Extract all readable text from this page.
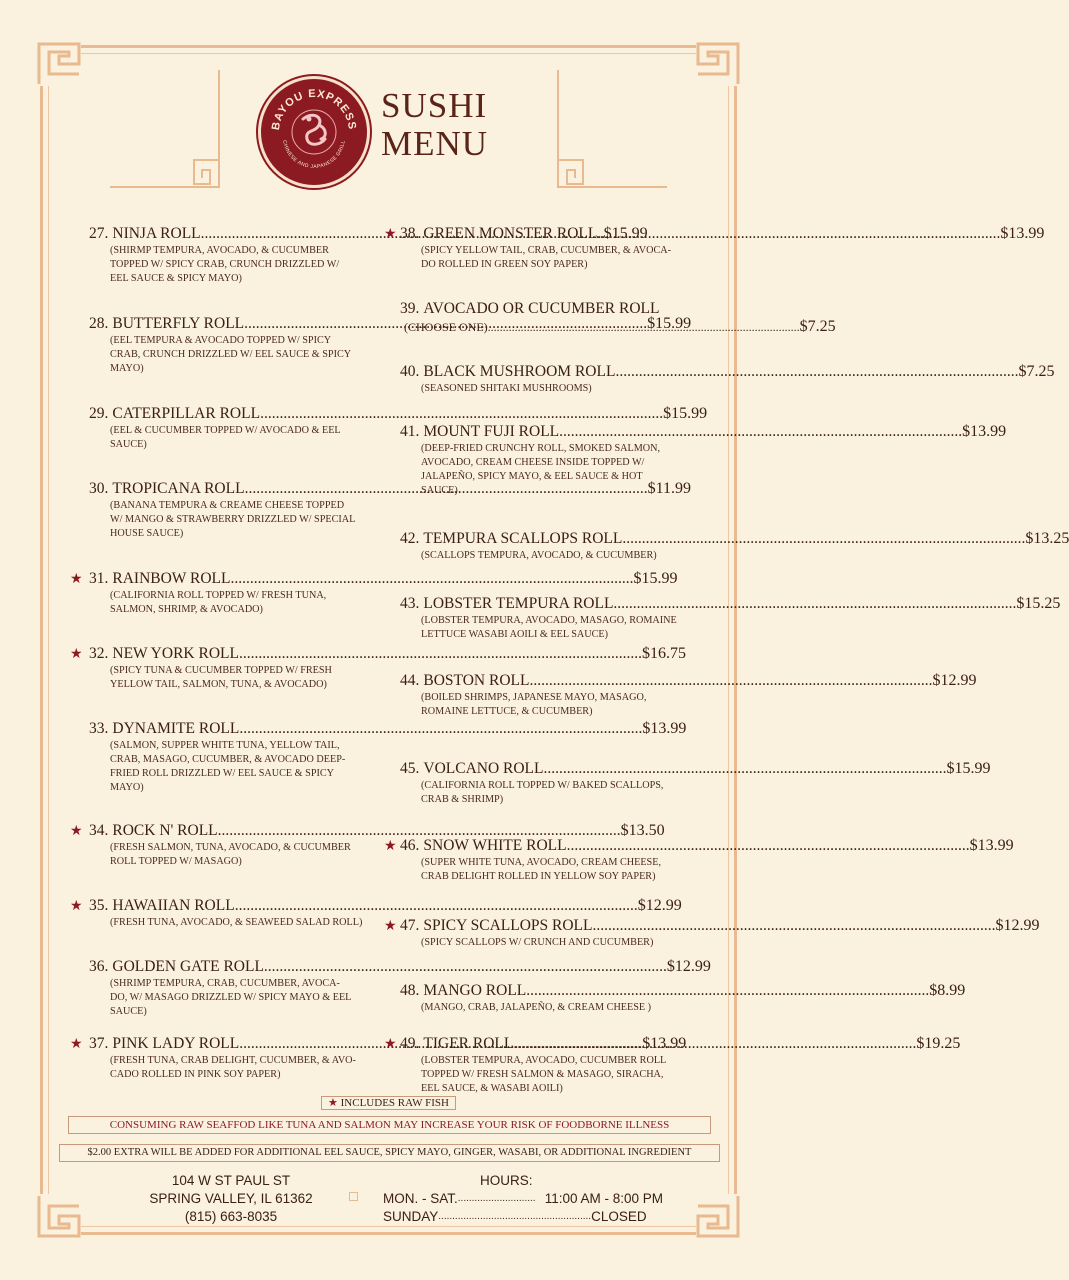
BAYOU EXPRESS
CHINESE AND JAPANESE GRILL
SUSHI
MENU
27. NINJA ROLL .....	$15.99
(SHIRMP TEMPURA, AVOCADO, & CUCUMBER
TOPPED W/ SPICY CRAB, CRUNCH DRIZZLED W/
EEL SAUCE & SPICY MAYO)
28. BUTTERFLY ROLL .....	$15.99
(EEL TEMPURA & AVOCADO TOPPED W/ SPICY
CRAB, CRUNCH DRIZZLED W/ EEL SAUCE & SPICY
MAYO)
29. CATERPILLAR ROLL .....	$15.99
(EEL & CUCUMBER TOPPED W/ AVOCADO & EEL
SAUCE)
30. TROPICANA ROLL .....	$11.99
(BANANA TEMPURA & CREAME CHEESE TOPPED
W/ MANGO & STRAWBERRY DRIZZLED W/ SPECIAL
HOUSE SAUCE)
★ 31. RAINBOW ROLL .....	$15.99
(CALIFORNIA ROLL TOPPED W/ FRESH TUNA,
SALMON, SHRIMP, & AVOCADO)
★ 32. NEW YORK ROLL .....	$16.75
(SPICY TUNA & CUCUMBER TOPPED W/ FRESH
YELLOW TAIL, SALMON, TUNA, & AVOCADO)
33. DYNAMITE ROLL .....	$13.99
(SALMON, SUPPER WHITE TUNA, YELLOW TAIL,
CRAB, MASAGO, CUCUMBER, & AVOCADO DEEP-
FRIED ROLL DRIZZLED W/ EEL SAUCE & SPICY
MAYO)
★ 34. ROCK N' ROLL .....	$13.50
(FRESH SALMON, TUNA, AVOCADO, & CUCUMBER
ROLL TOPPED W/ MASAGO)
★ 35. HAWAIIAN ROLL .....	$12.99
(FRESH TUNA, AVOCADO, & SEAWEED SALAD ROLL)
36. GOLDEN GATE ROLL .....	$12.99
(SHRIMP TEMPURA, CRAB, CUCUMBER, AVOCA-
DO, W/ MASAGO DRIZZLED W/ SPICY MAYO & EEL
SAUCE)
★ 37. PINK LADY ROLL .....	$13.99
(FRESH TUNA, CRAB DELIGHT, CUCUMBER, & AVO-
CADO ROLLED IN PINK SOY PAPER)
★ 38. GREEN MONSTER ROLL .....	$13.99
(SPICY YELLOW TAIL, CRAB, CUCUMBER, & AVOCA-
DO ROLLED IN GREEN SOY PAPER)
39. AVOCADO OR CUCUMBER ROLL
(CHOOSE ONE) .....	$7.25
40. BLACK MUSHROOM ROLL .....	$7.25
(SEASONED SHITAKI MUSHROOMS)
41. MOUNT FUJI ROLL .....	$13.99
(DEEP-FRIED CRUNCHY ROLL, SMOKED SALMON,
AVOCADO, CREAM CHEESE INSIDE TOPPED W/
JALAPEÑO, SPICY MAYO, & EEL SAUCE & HOT
SAUCE)
42. TEMPURA SCALLOPS ROLL .....	$13.25
(SCALLOPS TEMPURA, AVOCADO, & CUCUMBER)
43. LOBSTER TEMPURA ROLL .....	$15.25
(LOBSTER TEMPURA, AVOCADO, MASAGO, ROMAINE
LETTUCE WASABI AOILI & EEL SAUCE)
44. BOSTON ROLL .....	$12.99
(BOILED SHRIMPS, JAPANESE MAYO, MASAGO,
ROMAINE LETTUCE, & CUCUMBER)
45. VOLCANO ROLL .....	$15.99
(CALIFORNIA ROLL TOPPED W/ BAKED SCALLOPS,
CRAB & SHRIMP)
★ 46. SNOW WHITE ROLL .....	$13.99
(SUPER WHITE TUNA, AVOCADO, CREAM CHEESE,
CRAB DELIGHT ROLLED IN YELLOW SOY PAPER)
★ 47. SPICY SCALLOPS ROLL .....	$12.99
(SPICY SCALLOPS W/ CRUNCH AND CUCUMBER)
48. MANGO ROLL .....	$8.99
(MANGO, CRAB, JALAPEÑO, & CREAM CHEESE )
★ 49. TIGER ROLL .....	$19.25
(LOBSTER TEMPURA, AVOCADO, CUCUMBER ROLL
TOPPED W/ FRESH SALMON & MASAGO, SIRACHA,
EEL SAUCE, & WASABI AOILI)
★ INCLUDES RAW FISH
CONSUMING RAW SEAFFOD LIKE TUNA AND SALMON MAY INCREASE YOUR RISK OF FOODBORNE ILLNESS
$2.00 EXTRA WILL BE ADDED FOR ADDITIONAL EEL SAUCE, SPICY MAYO, GINGER, WASABI, OR ADDITIONAL INGREDIENT
104 W ST PAUL ST
SPRING VALLEY, IL 61362
(815) 663-8035
HOURS:
MON. - SAT. ............................ 11:00 AM - 8:00 PM
SUNDAY ....................................................... CLOSED
